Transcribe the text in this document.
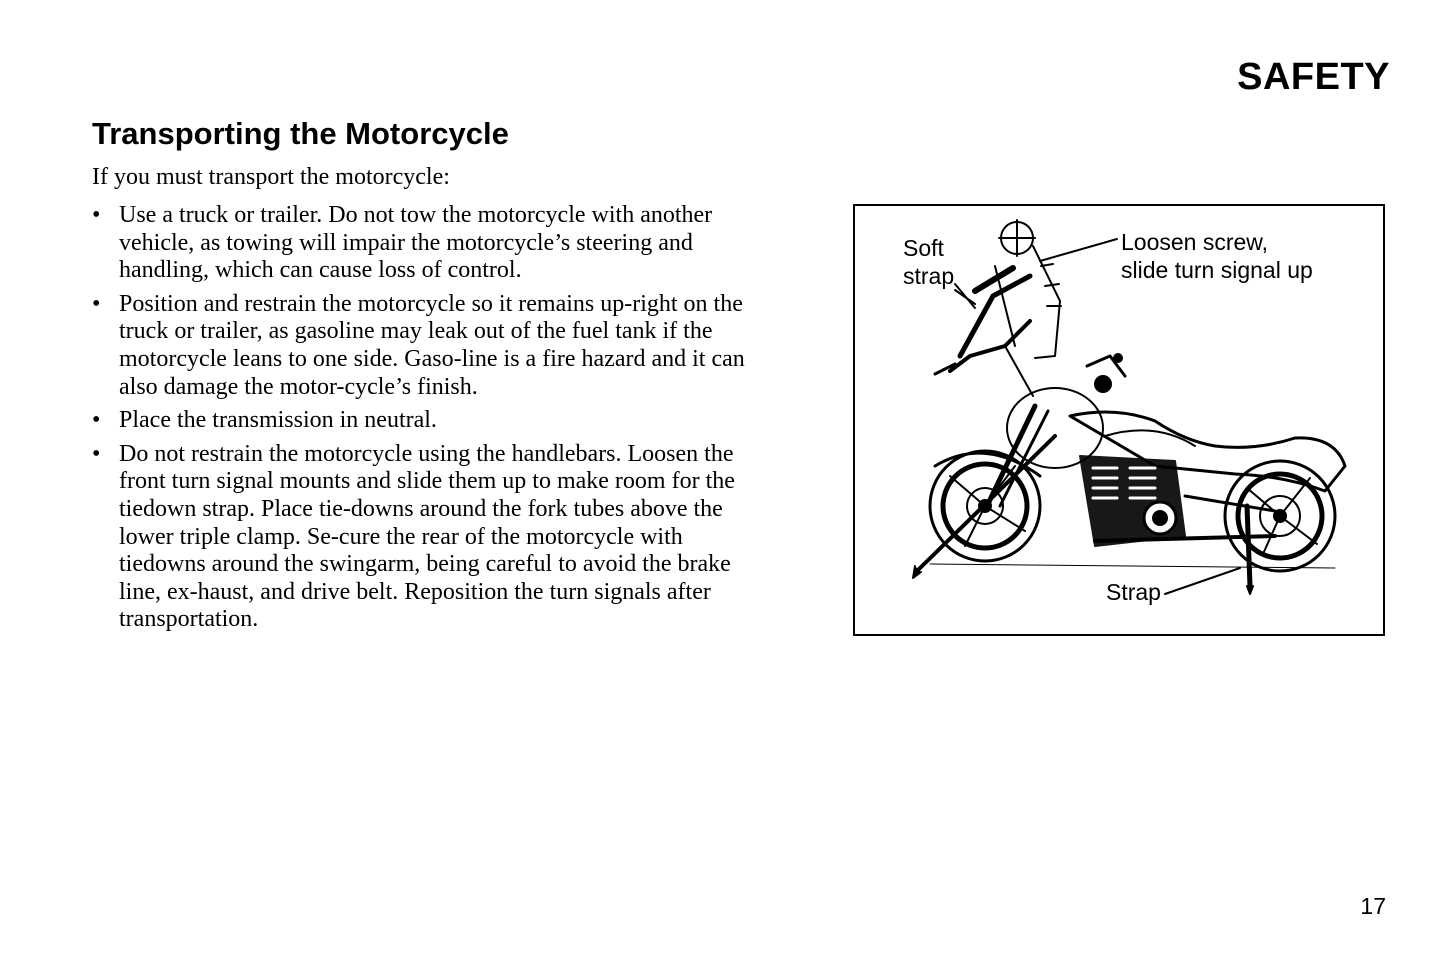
SAFETY
Transporting the Motorcycle

If you must transport the motorcycle:

• Use a truck or trailer. Do not tow the motorcycle with another vehicle, as towing will impair the motorcycle’s steering and handling, which can cause loss of control.
• Position and restrain the motorcycle so it remains up-right on the truck or trailer, as gasoline may leak out of the fuel tank if the motorcycle leans to one side. Gaso-line is a fire hazard and it can also damage the motor-cycle’s finish.
• Place the transmission in neutral.
• Do not restrain the motorcycle using the handlebars. Loosen the front turn signal mounts and slide them up to make room for the tiedown strap. Place tie-downs around the fork tubes above the lower triple clamp. Se-cure the rear of the motorcycle with tiedowns around the swingarm, being careful to avoid the brake line, ex-haust, and drive belt. Reposition the turn signals after transportation.
Soft
strap
Loosen screw,
slide turn signal up
Strap
17
